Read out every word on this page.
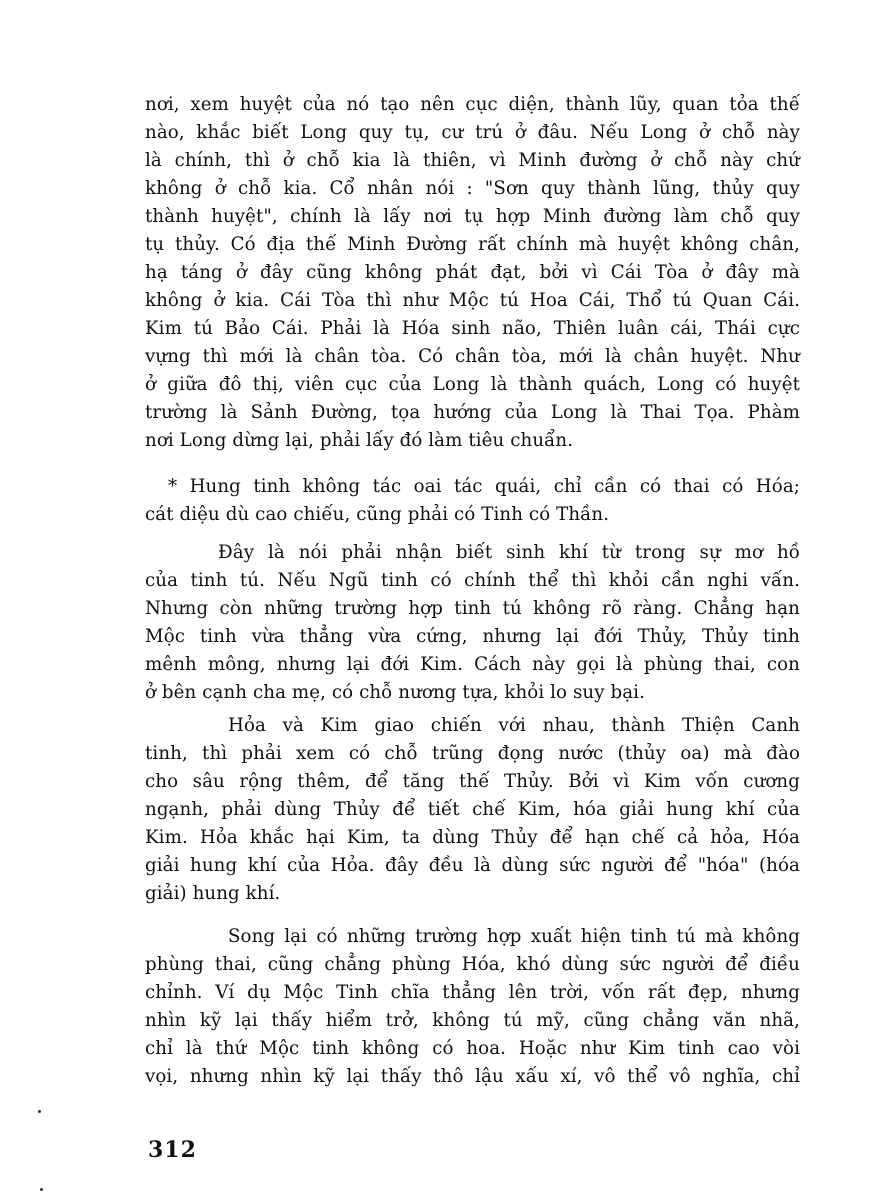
nơi, xem huyệt của nó tạo nên cục diện, thành lũy, quan tỏa thế
nào, khắc biết Long quy tụ, cư trú ở đâu. Nếu Long ở chỗ này
là chính, thì ở chỗ kia là thiên, vì Minh đường ở chỗ này chứ
không ở chỗ kia. Cổ nhân nói : "Sơn quy thành lũng, thủy quy
thành huyệt", chính là lấy nơi tụ hợp Minh đường làm chỗ quy
tụ thủy. Có địa thế Minh Đường rất chính mà huyệt không chân,
hạ táng ở đây cũng không phát đạt, bởi vì Cái Tòa ở đây mà
không ở kia. Cái Tòa thì như Mộc tú Hoa Cái, Thổ tú Quan Cái.
Kim tú Bảo Cái. Phải là Hóa sinh não, Thiên luân cái, Thái cực
vựng thì mới là chân tòa. Có chân tòa, mới là chân huyệt. Như
ở giữa đô thị, viên cục của Long là thành quách, Long có huyệt
trường là Sảnh Đường, tọa hướng của Long là Thai Tọa. Phàm
nơi Long dừng lại, phải lấy đó làm tiêu chuẩn.
* Hung tinh không tác oai tác quái, chỉ cần có thai có Hóa;
cát diệu dù cao chiếu, cũng phải có Tinh có Thần.
Đây là nói phải nhận biết sinh khí từ trong sự mơ hồ
của tinh tú. Nếu Ngũ tinh có chính thể thì khỏi cần nghi vấn.
Nhưng còn những trường hợp tinh tú không rõ ràng. Chẳng hạn
Mộc tinh vừa thẳng vừa cứng, nhưng lại đới Thủy, Thủy tinh
mênh mông, nhưng lại đới Kim. Cách này gọi là phùng thai, con
ở bên cạnh cha mẹ, có chỗ nương tựa, khỏi lo suy bại.
Hỏa và Kim giao chiến với nhau, thành Thiện Canh
tinh, thì phải xem có chỗ trũng đọng nước (thủy oa) mà đào
cho sâu rộng thêm, để tăng thế Thủy. Bởi vì Kim vốn cương
ngạnh, phải dùng Thủy để tiết chế Kim, hóa giải hung khí của
Kim. Hỏa khắc hại Kim, ta dùng Thủy để hạn chế cả hỏa, Hóa
giải hung khí của Hỏa. đây đều là dùng sức người để "hóa" (hóa
giải) hung khí.
Song lại có những trường hợp xuất hiện tinh tú mà không
phùng thai, cũng chẳng phùng Hóa, khó dùng sức người để điều
chỉnh. Ví dụ Mộc Tinh chĩa thẳng lên trời, vốn rất đẹp, nhưng
nhìn kỹ lại thấy hiểm trở, không tú mỹ, cũng chẳng văn nhã,
chỉ là thứ Mộc tinh không có hoa. Hoặc như Kim tinh cao vòi
vọi, nhưng nhìn kỹ lại thấy thô lậu xấu xí, vô thể vô nghĩa, chỉ
312
